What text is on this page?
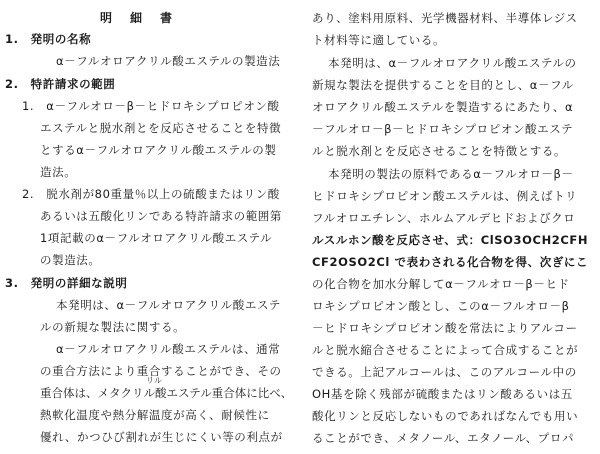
明細書
1.　発明の名称
α－フルオロアクリル酸エステルの製造法
2.　特許請求の範囲
1.　α－フルオロ－β－ヒドロキシプロピオン酸
エステルと脱水剤とを反応させることを特徴
とするα－フルオロアクリル酸エステルの製
造法。
2.　脱水剤が80重量％以上の硫酸またはリン酸
あるいは五酸化リンである特許請求の範囲第
1項記載のα－フルオロアクリル酸エステル
の製造法。
3.　発明の詳細な説明
本発明は、α－フルオロアクリル酸エステ
ルの新規な製法に関する。
α－フルオロアクリル酸エステルは、通常
の重合方法により重合することができ、その
リル
重合体は、メタクリル酸エステル重合体に比べ、
熱軟化温度や熱分解温度が高く、耐候性に
優れ、かつひび割れが生じにくい等の利点が
あり、塗料用原料、光学機器材料、半導体レジス
ト材料等に適している。
本発明は、α－フルオロアクリル酸エステルの
新規な製法を提供することを目的とし、α－フル
オロアクリル酸エステルを製造するにあたり、α
－フルオロ－β－ヒドロキシプロピオン酸エステ
ルと脱水剤とを反応させることを特徴とする。
本発明の製法の原料であるα－フルオロ－β－
ヒドロキシプロピオン酸エステルは、例えばトリ
フルオロエチレン、ホルムアルデヒドおよびクロ
ルスルホン酸を反応させ、式：ClSO3OCH2CFH
CF2OSO2Cl で表わされる化合物を得、次ぎにこ
の化合物を加水分解してα－フルオロ－β－ヒド
ロキシプロピオン酸とし、このα－フルオロ－β
－ヒドロキシプロピオン酸を常法によりアルコー
ルと脱水縮合させることによって合成することが
できる。上記アルコールは、このアルコール中の
OH基を除く残部が硫酸またはリン酸あるいは五
酸化リンと反応しないものであればなんでも用い
ることができ、メタノール、エタノール、プロパ
